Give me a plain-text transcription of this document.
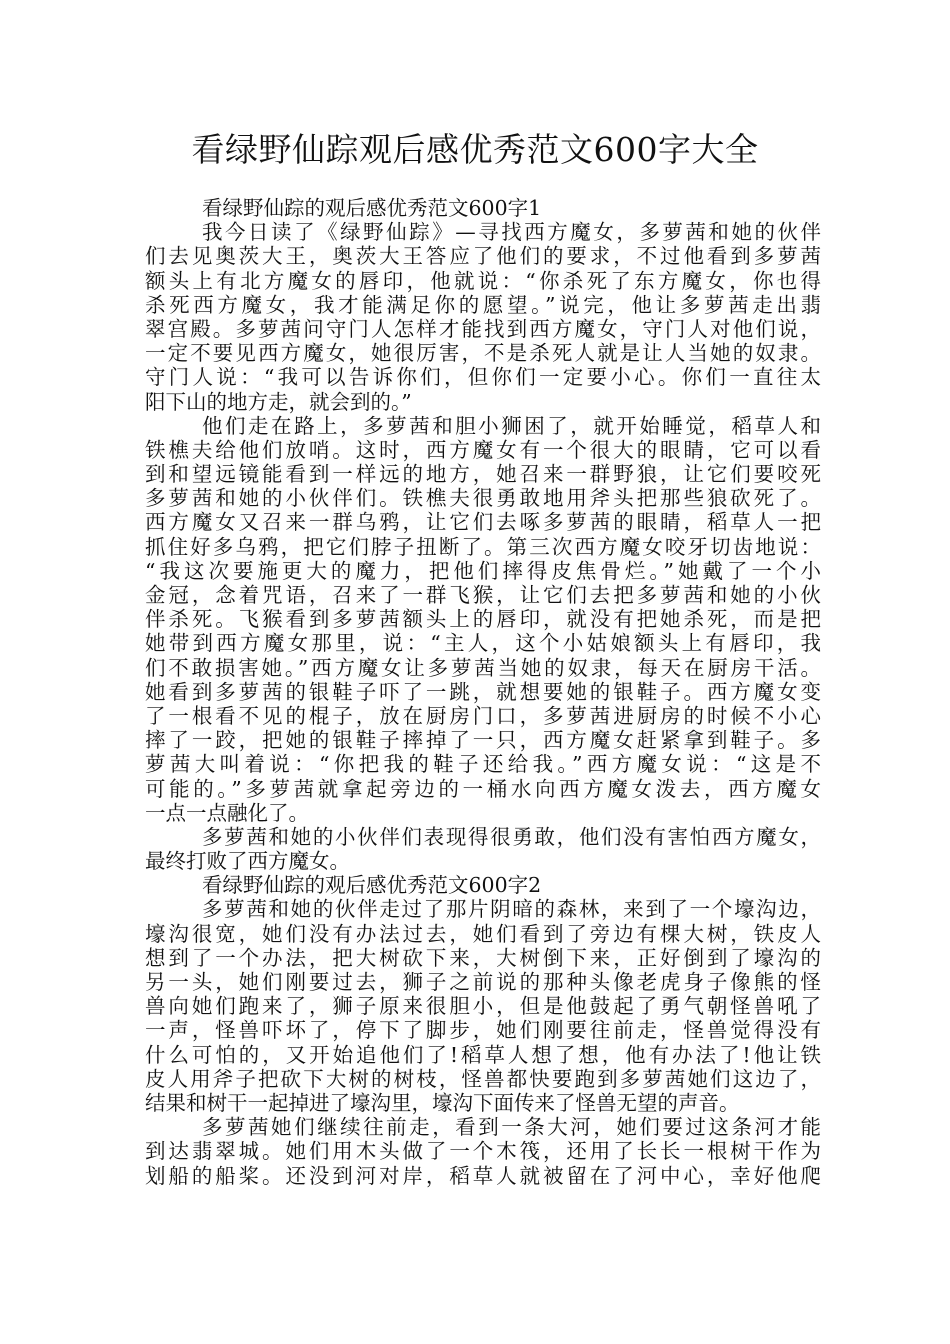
看绿野仙踪观后感优秀范文600字大全
看绿野仙踪的观后感优秀范文600字1
我今日读了《绿野仙踪》—寻找西方魔女，多萝茜和她的伙伴
们去见奥茨大王，奥茨大王答应了他们的要求，不过他看到多萝茜
额头上有北方魔女的唇印，他就说：“你杀死了东方魔女，你也得
杀死西方魔女，我才能满足你的愿望。”说完，他让多萝茜走出翡
翠宫殿。多萝茜问守门人怎样才能找到西方魔女，守门人对他们说，
一定不要见西方魔女，她很厉害，不是杀死人就是让人当她的奴隶。
守门人说：“我可以告诉你们，但你们一定要小心。你们一直往太
阳下山的地方走，就会到的。”
他们走在路上，多萝茜和胆小狮困了，就开始睡觉，稻草人和
铁樵夫给他们放哨。这时，西方魔女有一个很大的眼睛，它可以看
到和望远镜能看到一样远的地方，她召来一群野狼，让它们要咬死
多萝茜和她的小伙伴们。铁樵夫很勇敢地用斧头把那些狼砍死了。
西方魔女又召来一群乌鸦，让它们去啄多萝茜的眼睛，稻草人一把
抓住好多乌鸦，把它们脖子扭断了。第三次西方魔女咬牙切齿地说：
“我这次要施更大的魔力，把他们摔得皮焦骨烂。”她戴了一个小
金冠，念着咒语，召来了一群飞猴，让它们去把多萝茜和她的小伙
伴杀死。飞猴看到多萝茜额头上的唇印，就没有把她杀死，而是把
她带到西方魔女那里，说：“主人，这个小姑娘额头上有唇印，我
们不敢损害她。”西方魔女让多萝茜当她的奴隶，每天在厨房干活。
她看到多萝茜的银鞋子吓了一跳，就想要她的银鞋子。西方魔女变
了一根看不见的棍子，放在厨房门口，多萝茜进厨房的时候不小心
摔了一跤，把她的银鞋子摔掉了一只，西方魔女赶紧拿到鞋子。多
萝茜大叫着说：“你把我的鞋子还给我。”西方魔女说：“这是不
可能的。”多萝茜就拿起旁边的一桶水向西方魔女泼去，西方魔女
一点一点融化了。
多萝茜和她的小伙伴们表现得很勇敢，他们没有害怕西方魔女，
最终打败了西方魔女。
看绿野仙踪的观后感优秀范文600字2
多萝茜和她的伙伴走过了那片阴暗的森林，来到了一个壕沟边，
壕沟很宽，她们没有办法过去，她们看到了旁边有棵大树，铁皮人
想到了一个办法，把大树砍下来，大树倒下来，正好倒到了壕沟的
另一头，她们刚要过去，狮子之前说的那种头像老虎身子像熊的怪
兽向她们跑来了，狮子原来很胆小，但是他鼓起了勇气朝怪兽吼了
一声，怪兽吓坏了，停下了脚步，她们刚要往前走，怪兽觉得没有
什么可怕的，又开始追他们了!稻草人想了想，他有办法了!他让铁
皮人用斧子把砍下大树的树枝，怪兽都快要跑到多萝茜她们这边了，
结果和树干一起掉进了壕沟里，壕沟下面传来了怪兽无望的声音。
多萝茜她们继续往前走，看到一条大河，她们要过这条河才能
到达翡翠城。她们用木头做了一个木筏，还用了长长一根树干作为
划船的船桨。还没到河对岸，稻草人就被留在了河中心，幸好他爬
